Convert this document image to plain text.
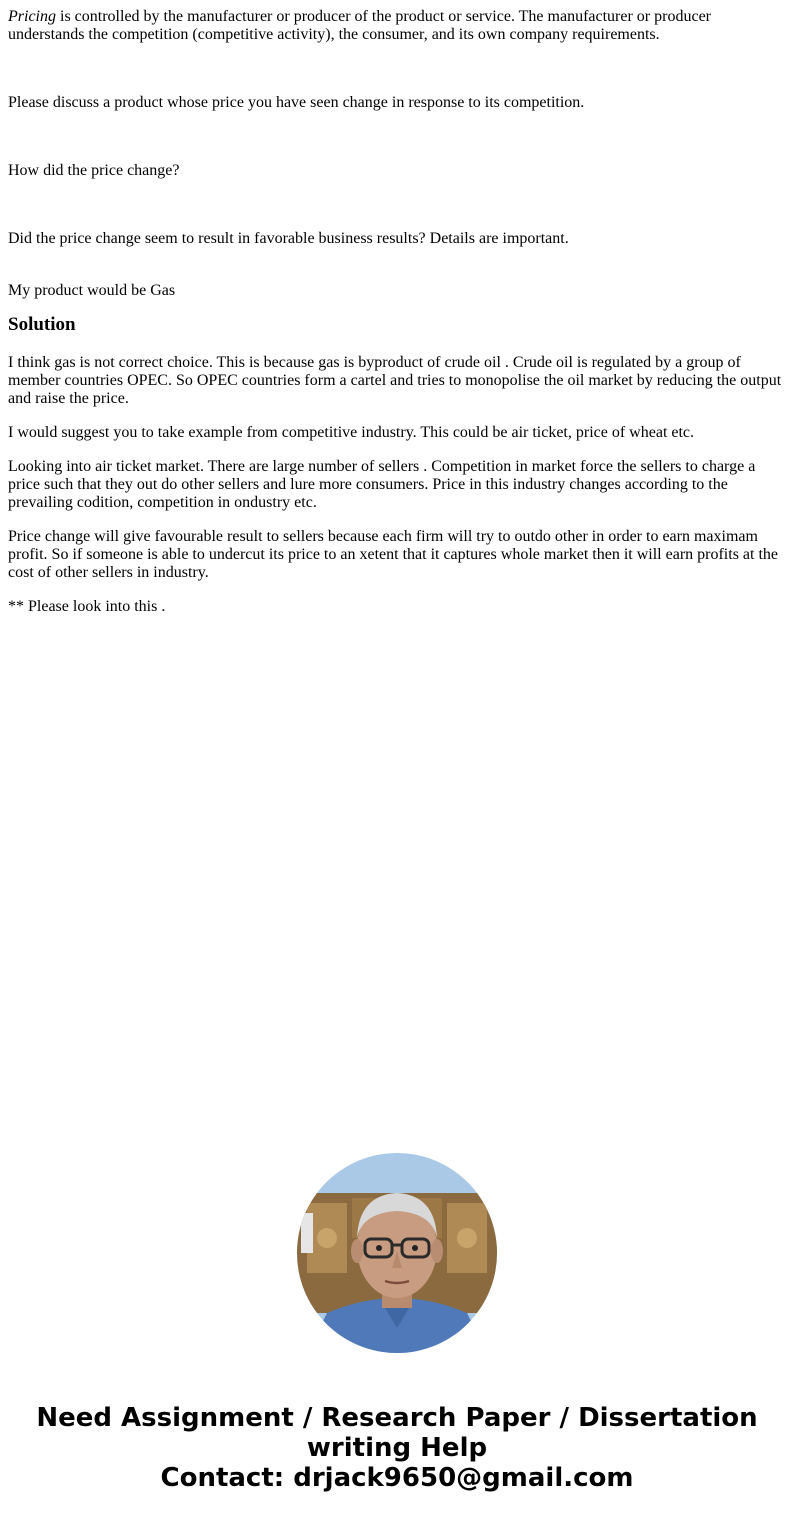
Pricing is controlled by the manufacturer or producer of the product or service. The manufacturer or producer understands the competition (competitive activity), the consumer, and its own company requirements.

Please discuss a product whose price you have seen change in response to its competition.

How did the price change?

Did the price change seem to result in favorable business results? Details are important.

My product would be Gas

Solution

I think gas is not correct choice. This is because gas is byproduct of crude oil . Crude oil is regulated by a group of member countries OPEC. So OPEC countries form a cartel and tries to monopolise the oil market by reducing the output and raise the price.

I would suggest you to take example from competitive industry. This could be air ticket, price of wheat etc.

Looking into air ticket market. There are large number of sellers . Competition in market force the sellers to charge a price such that they out do other sellers and lure more consumers. Price in this industry changes according to the prevailing codition, competition in ondustry etc.

Price change will give favourable result to sellers because each firm will try to outdo other in order to earn maximam profit. So if someone is able to undercut its price to an xetent that it captures whole market then it will earn profits at the cost of other sellers in industry.

** Please look into this .

Need Assignment / Research Paper / Dissertation
writing Help
Contact: drjack9650@gmail.com
